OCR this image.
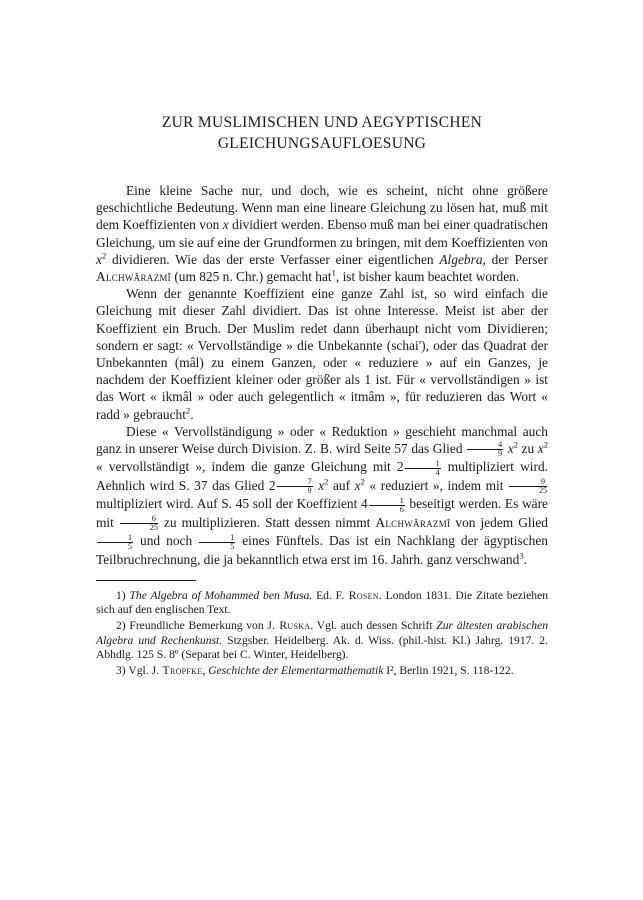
ZUR MUSLIMISCHEN UND AEGYPTISCHEN
GLEICHUNGSAUFLOESUNG

Eine kleine Sache nur, und doch, wie es scheint, nicht ohne größere geschichtliche Bedeutung. Wenn man eine lineare Gleichung zu lösen hat, muß mit dem Koeffizienten von x dividiert werden. Ebenso muß man bei einer quadratischen Gleichung, um sie auf eine der Grundformen zu bringen, mit dem Koeffizienten von $x^2$ dividieren. Wie das der erste Verfasser einer eigentlichen Algebra, der Perser Alchwârazmî (um 825 n. Chr.) gemacht hat$^1$, ist bisher kaum beachtet worden.

Wenn der genannte Koeffizient eine ganze Zahl ist, so wird einfach die Gleichung mit dieser Zahl dividiert. Das ist ohne Interesse. Meist ist aber der Koeffizient ein Bruch. Der Muslim redet dann überhaupt nicht vom Dividieren; sondern er sagt: « Vervollständige » die Unbekannte (schai'), oder das Quadrat der Unbekannten (mâl) zu einem Ganzen, oder « reduziere » auf ein Ganzes, je nachdem der Koeffizient kleiner oder größer als 1 ist. Für « vervollständigen » ist das Wort « ikmâl » oder auch gelegentlich « itmâm », für reduzieren das Wort « radd » gebraucht$^2$.

Diese « Vervollständigung » oder « Reduktion » geschieht manchmal auch ganz in unserer Weise durch Division. Z. B. wird Seite 57 das Glied $\frac{4}{9} x^2$ zu $x^2$ « vervollständigt », indem die ganze Gleichung mit $2 \frac{1}{4}$ multipliziert wird. Aehnlich wird S. 37 das Glied $2 \frac{7}{9} x^2$ auf $x^2$ « reduziert », indem mit $\frac{9}{25}$
multipliziert wird. Auf S. 45 soll der Koeffizient $4 \frac{1}{6}$ beseitigt werden. Es wäre mit $\frac{6}{25}$ zu multiplizieren. Statt dessen nimmt Alchwârazmî von jedem Glied
$\frac{1}{5}$ und noch $\frac{1}{5}$ eines Fünftels. Das ist ein Nachklang der ägyptischen Teilbruchrechnung, die ja bekanntlich etwa erst im 16. Jahrh. ganz verschwand$^3$.

1) The Algebra of Mohammed ben Musa. Ed. F. Rosen. London 1831. Die Zitate beziehen sich auf den englischen Text.

2) Freundliche Bemerkung von J. Ruska. Vgl. auch dessen Schrift Zur ältesten arabischen Algebra und Rechenkunst. Stzgsber. Heidelberg. Ak. d. Wiss. (phil.-hist. Kl.) Jahrg. 1917. 2. Abhdlg. 125 S. 8º (Separat bei C. Winter, Heidelberg).

3) Vgl. J. Tropfke, Geschichte der Elementarmathematik I², Berlin 1921, S. 118-122.
